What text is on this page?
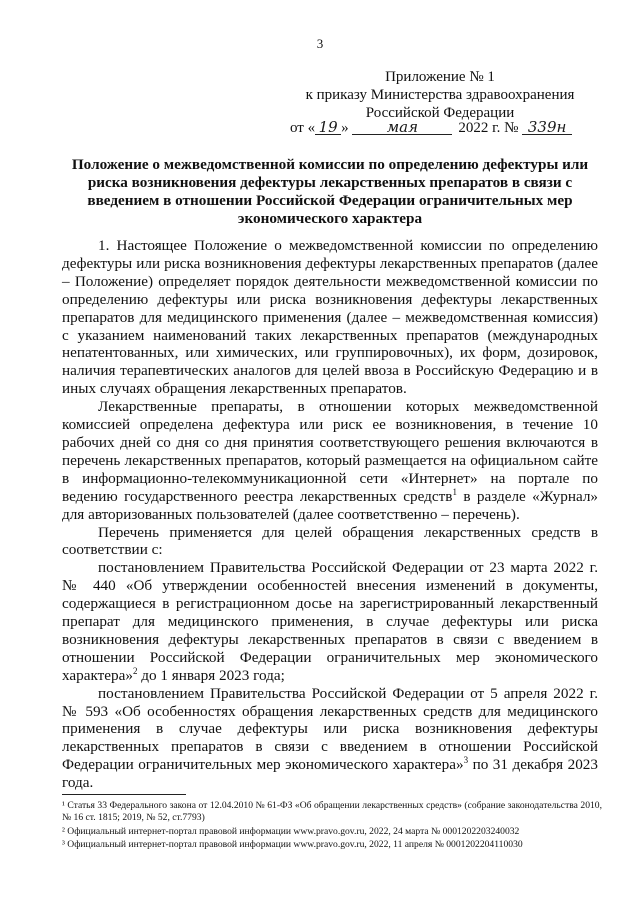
3
Приложение № 1
к приказу Министерства здравоохранения
Российской Федерации
от « 19 » мая	2022 г. № 339н
Положение о межведомственной комиссии по определению дефектуры или риска возникновения дефектуры лекарственных препаратов в связи с введением в отношении Российской Федерации ограничительных мер экономического характера

1. Настоящее Положение о межведомственной комиссии по определению дефектуры или риска возникновения дефектуры лекарственных препаратов (далее – Положение) определяет порядок деятельности межведомственной комиссии по определению дефектуры или риска возникновения дефектуры лекарственных препаратов для медицинского применения (далее – межведомственная комиссия) с указанием наименований таких лекарственных препаратов (международных непатентованных, или химических, или группировочных), их форм, дозировок, наличия терапевтических аналогов для целей ввоза в Российскую Федерацию и в иных случаях обращения лекарственных препаратов.

Лекарственные препараты, в отношении которых межведомственной комиссией определена дефектура или риск ее возникновения, в течение 10 рабочих дней со дня со дня принятия соответствующего решения включаются в перечень лекарственных препаратов, который размещается на официальном сайте в информационно-телекоммуникационной сети «Интернет» на портале по ведению государственного реестра лекарственных средств$^1$ в разделе «Журнал» для авторизованных пользователей (далее соответственно – перечень).

Перечень применяется для целей обращения лекарственных средств в соответствии с:

постановлением Правительства Российской Федерации от 23 марта 2022 г. № 440 «Об утверждении особенностей внесения изменений в документы, содержащиеся в регистрационном досье на зарегистрированный лекарственный препарат для медицинского применения, в случае дефектуры или риска возникновения дефектуры лекарственных препаратов в связи с введением в отношении Российской Федерации ограничительных мер экономического характера»$^2$ до 1 января 2023 года;

постановлением Правительства Российской Федерации от 5 апреля 2022 г. № 593 «Об особенностях обращения лекарственных средств для медицинского применения в случае дефектуры или риска возникновения дефектуры лекарственных препаратов в связи с введением в отношении Российской Федерации ограничительных мер экономического характера»$^3$ по 31 декабря 2023 года.

¹ Статья 33 Федерального закона от 12.04.2010 № 61-ФЗ «Об обращении лекарственных средств» (собрание законодательства 2010, № 16 ст. 1815; 2019, № 52, ст.7793)
² Официальный интернет-портал правовой информации www.pravo.gov.ru, 2022, 24 марта № 0001202203240032
³ Официальный интернет-портал правовой информации www.pravo.gov.ru, 2022, 11 апреля № 0001202204110030
